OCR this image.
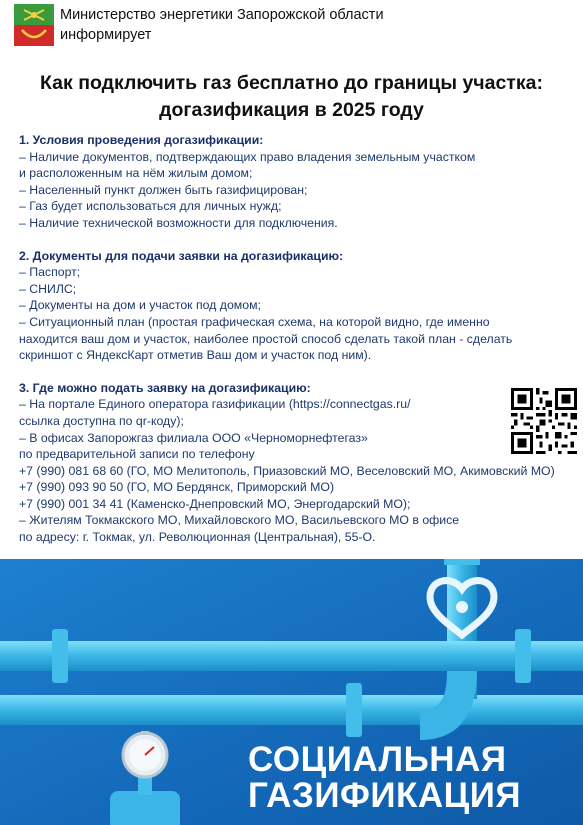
Министерство энергетики Запорожской области
информирует
Как подключить газ бесплатно до границы участка:
догазификация в 2025 году
1. Условия проведения догазификации:
– Наличие документов, подтверждающих право владения земельным участком
и расположенным на нём жилым домом;
– Населенный пункт должен быть газифицирован;
– Газ будет использоваться для личных нужд;
– Наличие технической возможности для подключения.
2. Документы для подачи заявки на догазификацию:
– Паспорт;
– СНИЛС;
– Документы на дом и участок под домом;
– Ситуационный план (простая графическая схема, на которой видно, где именно
находится ваш дом и участок, наиболее простой способ сделать такой план - сделать
скриншот с ЯндексКарт отметив Ваш дом и участок под ним).
3. Где можно подать заявку на догазификацию:
– На портале Единого оператора газификации (https://connectgas.ru/
ссылка доступна по qr-коду);
– В офисах Запорожгаз филиала ООО «Черноморнефтегаз»
по предварительной записи по телефону
+7 (990) 081 68 60 (ГО, МО Мелитополь, Приазовский МО, Веселовский МО, Акимовский МО)
+7 (990) 093 90 50 (ГО, МО Бердянск, Приморский МО)
+7 (990) 001 34 41 (Каменско-Днепровский МО, Энергодарский МО);
– Жителям Токмакского МО, Михайловского МО, Васильевского МО в офисе
по адресу: г. Токмак, ул. Революционная (Центральная), 55-О.
СОЦИАЛЬНАЯ
ГАЗИФИКАЦИЯ
